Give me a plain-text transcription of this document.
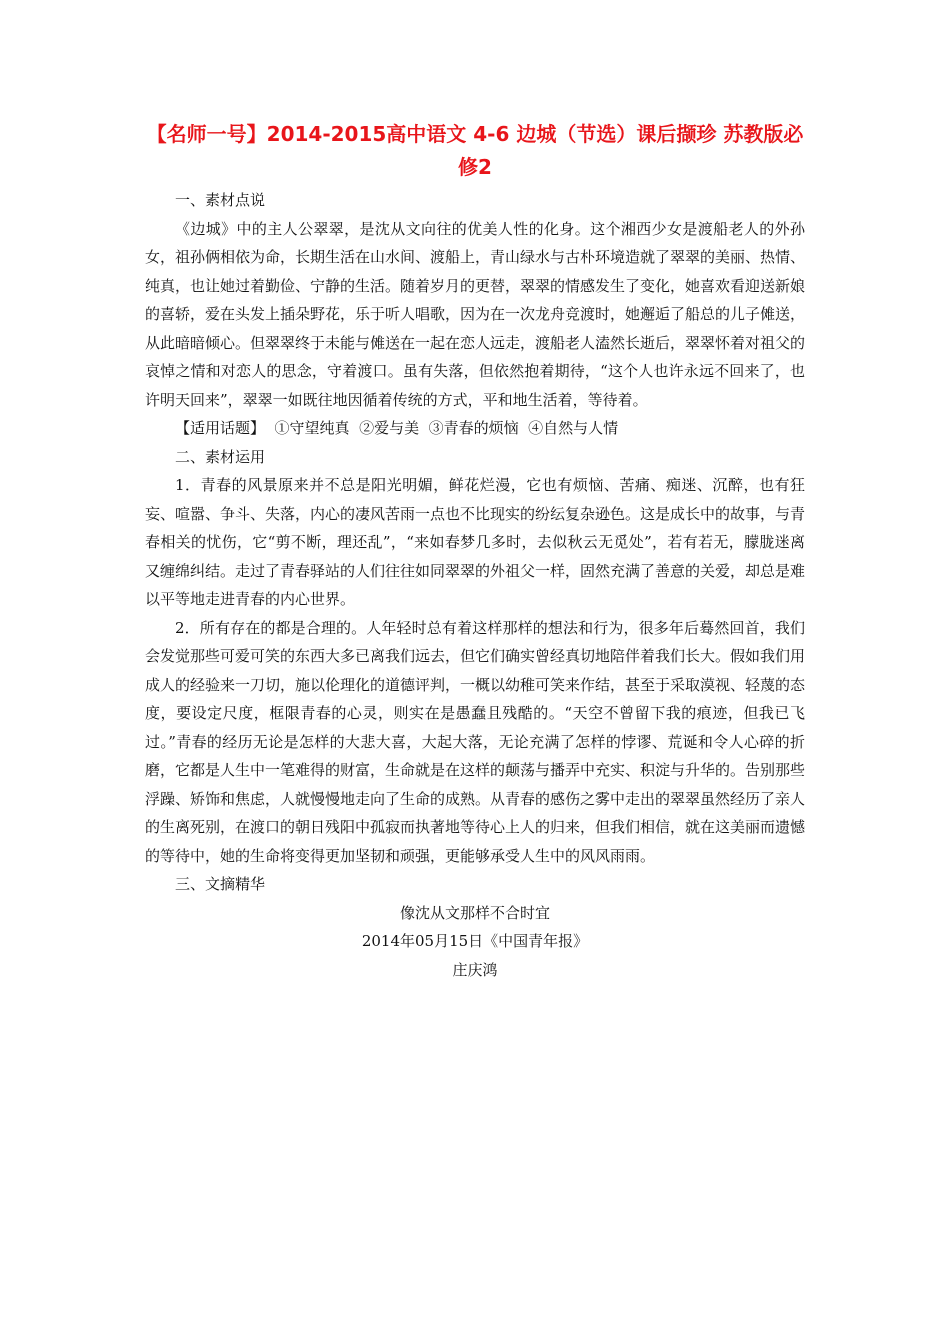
【名师一号】2014-2015高中语文 4-6 边城（节选）课后撷珍 苏教版必修2

一、素材点说

《边城》中的主人公翠翠，是沈从文向往的优美人性的化身。这个湘西少女是渡船老人的外孙女，祖孙俩相依为命，长期生活在山水间、渡船上，青山绿水与古朴环境造就了翠翠的美丽、热情、纯真，也让她过着勤俭、宁静的生活。随着岁月的更替，翠翠的情感发生了变化，她喜欢看迎送新娘的喜轿，爱在头发上插朵野花，乐于听人唱歌，因为在一次龙舟竞渡时，她邂逅了船总的儿子傩送，从此暗暗倾心。但翠翠终于未能与傩送在一起在恋人远走，渡船老人溘然长逝后，翠翠怀着对祖父的哀悼之情和对恋人的思念，守着渡口。虽有失落，但依然抱着期待，“这个人也许永远不回来了，也许明天回来”，翠翠一如既往地因循着传统的方式，平和地生活着，等待着。

【适用话题】  ①守望纯真  ②爱与美  ③青春的烦恼  ④自然与人情

二、素材运用

1．青春的风景原来并不总是阳光明媚，鲜花烂漫，它也有烦恼、苦痛、痴迷、沉醉，也有狂妄、喧嚣、争斗、失落，内心的凄风苦雨一点也不比现实的纷纭复杂逊色。这是成长中的故事，与青春相关的忧伤，它“剪不断，理还乱”，“来如春梦几多时，去似秋云无觅处”，若有若无，朦胧迷离又缠绵纠结。走过了青春驿站的人们往往如同翠翠的外祖父一样，固然充满了善意的关爱，却总是难以平等地走进青春的内心世界。

2．所有存在的都是合理的。人年轻时总有着这样那样的想法和行为，很多年后蓦然回首，我们会发觉那些可爱可笑的东西大多已离我们远去，但它们确实曾经真切地陪伴着我们长大。假如我们用成人的经验来一刀切，施以伦理化的道德评判，一概以幼稚可笑来作结，甚至于采取漠视、轻蔑的态度，要设定尺度，框限青春的心灵，则实在是愚蠢且残酷的。“天空不曾留下我的痕迹，但我已飞过。”青春的经历无论是怎样的大悲大喜，大起大落，无论充满了怎样的悖谬、荒诞和令人心碎的折磨，它都是人生中一笔难得的财富，生命就是在这样的颠荡与播弄中充实、积淀与升华的。告别那些浮躁、矫饰和焦虑，人就慢慢地走向了生命的成熟。从青春的感伤之雾中走出的翠翠虽然经历了亲人的生离死别，在渡口的朝日残阳中孤寂而执著地等待心上人的归来，但我们相信，就在这美丽而遗憾的等待中，她的生命将变得更加坚韧和顽强，更能够承受人生中的风风雨雨。

三、文摘精华

像沈从文那样不合时宜

2014年05月15日《中国青年报》

庄庆鸿
